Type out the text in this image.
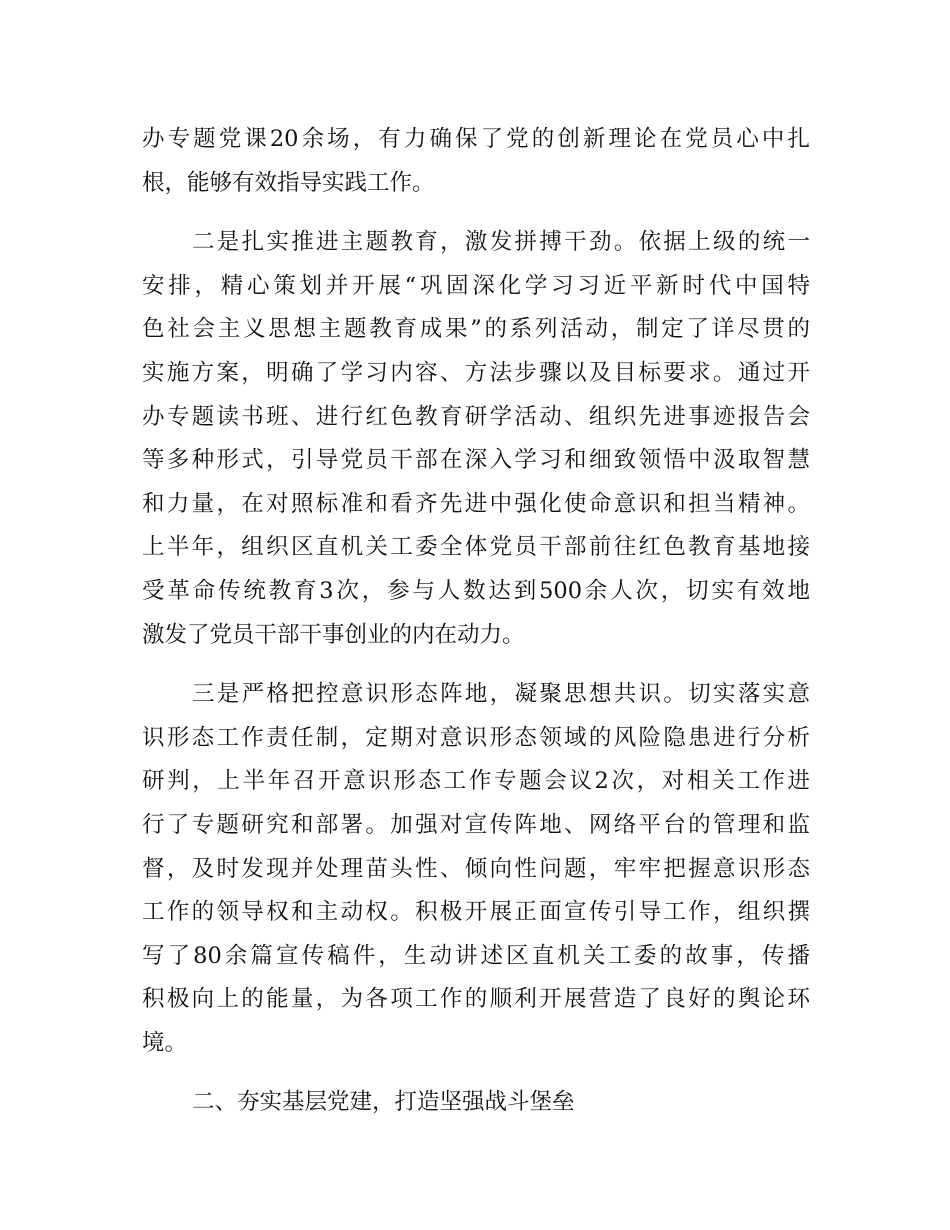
办专题党课20余场，有力确保了党的创新理论在党员心中扎
根，能够有效指导实践工作。
二是扎实推进主题教育，激发拼搏干劲。依据上级的统一
安排，精心策划并开展“巩固深化学习习近平新时代中国特
色社会主义思想主题教育成果”的系列活动，制定了详尽贯的
实施方案，明确了学习内容、方法步骤以及目标要求。通过开
办专题读书班、进行红色教育研学活动、组织先进事迹报告会
等多种形式，引导党员干部在深入学习和细致领悟中汲取智慧
和力量，在对照标准和看齐先进中强化使命意识和担当精神。
上半年，组织区直机关工委全体党员干部前往红色教育基地接
受革命传统教育3次，参与人数达到500余人次，切实有效地
激发了党员干部干事创业的内在动力。
三是严格把控意识形态阵地，凝聚思想共识。切实落实意
识形态工作责任制，定期对意识形态领域的风险隐患进行分析
研判，上半年召开意识形态工作专题会议2次，对相关工作进
行了专题研究和部署。加强对宣传阵地、网络平台的管理和监
督，及时发现并处理苗头性、倾向性问题，牢牢把握意识形态
工作的领导权和主动权。积极开展正面宣传引导工作，组织撰
写了80余篇宣传稿件，生动讲述区直机关工委的故事，传播
积极向上的能量，为各项工作的顺利开展营造了良好的舆论环
境。
二、夯实基层党建，打造坚强战斗堡垒
